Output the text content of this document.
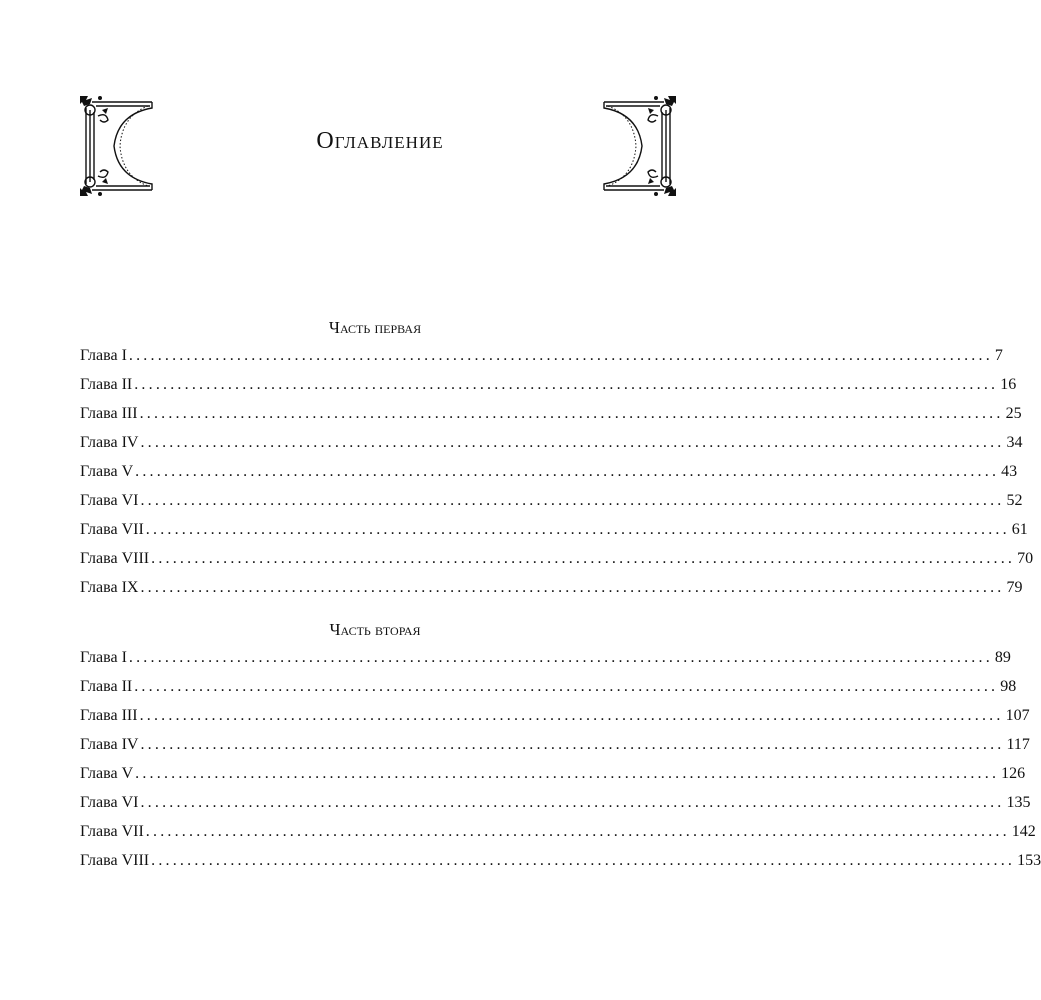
Оглавление
Часть первая
Глава I ........................................................................................................................ 7
Глава II ........................................................................................................................ 16
Глава III ........................................................................................................................ 25
Глава IV ........................................................................................................................ 34
Глава V ........................................................................................................................ 43
Глава VI ........................................................................................................................ 52
Глава VII ........................................................................................................................ 61
Глава VIII ........................................................................................................................ 70
Глава IX ........................................................................................................................ 79
Часть вторая
Глава I ........................................................................................................................ 89
Глава II ........................................................................................................................ 98
Глава III ........................................................................................................................ 107
Глава IV ........................................................................................................................ 117
Глава V ........................................................................................................................ 126
Глава VI ........................................................................................................................ 135
Глава VII ........................................................................................................................ 142
Глава VIII ........................................................................................................................ 153
